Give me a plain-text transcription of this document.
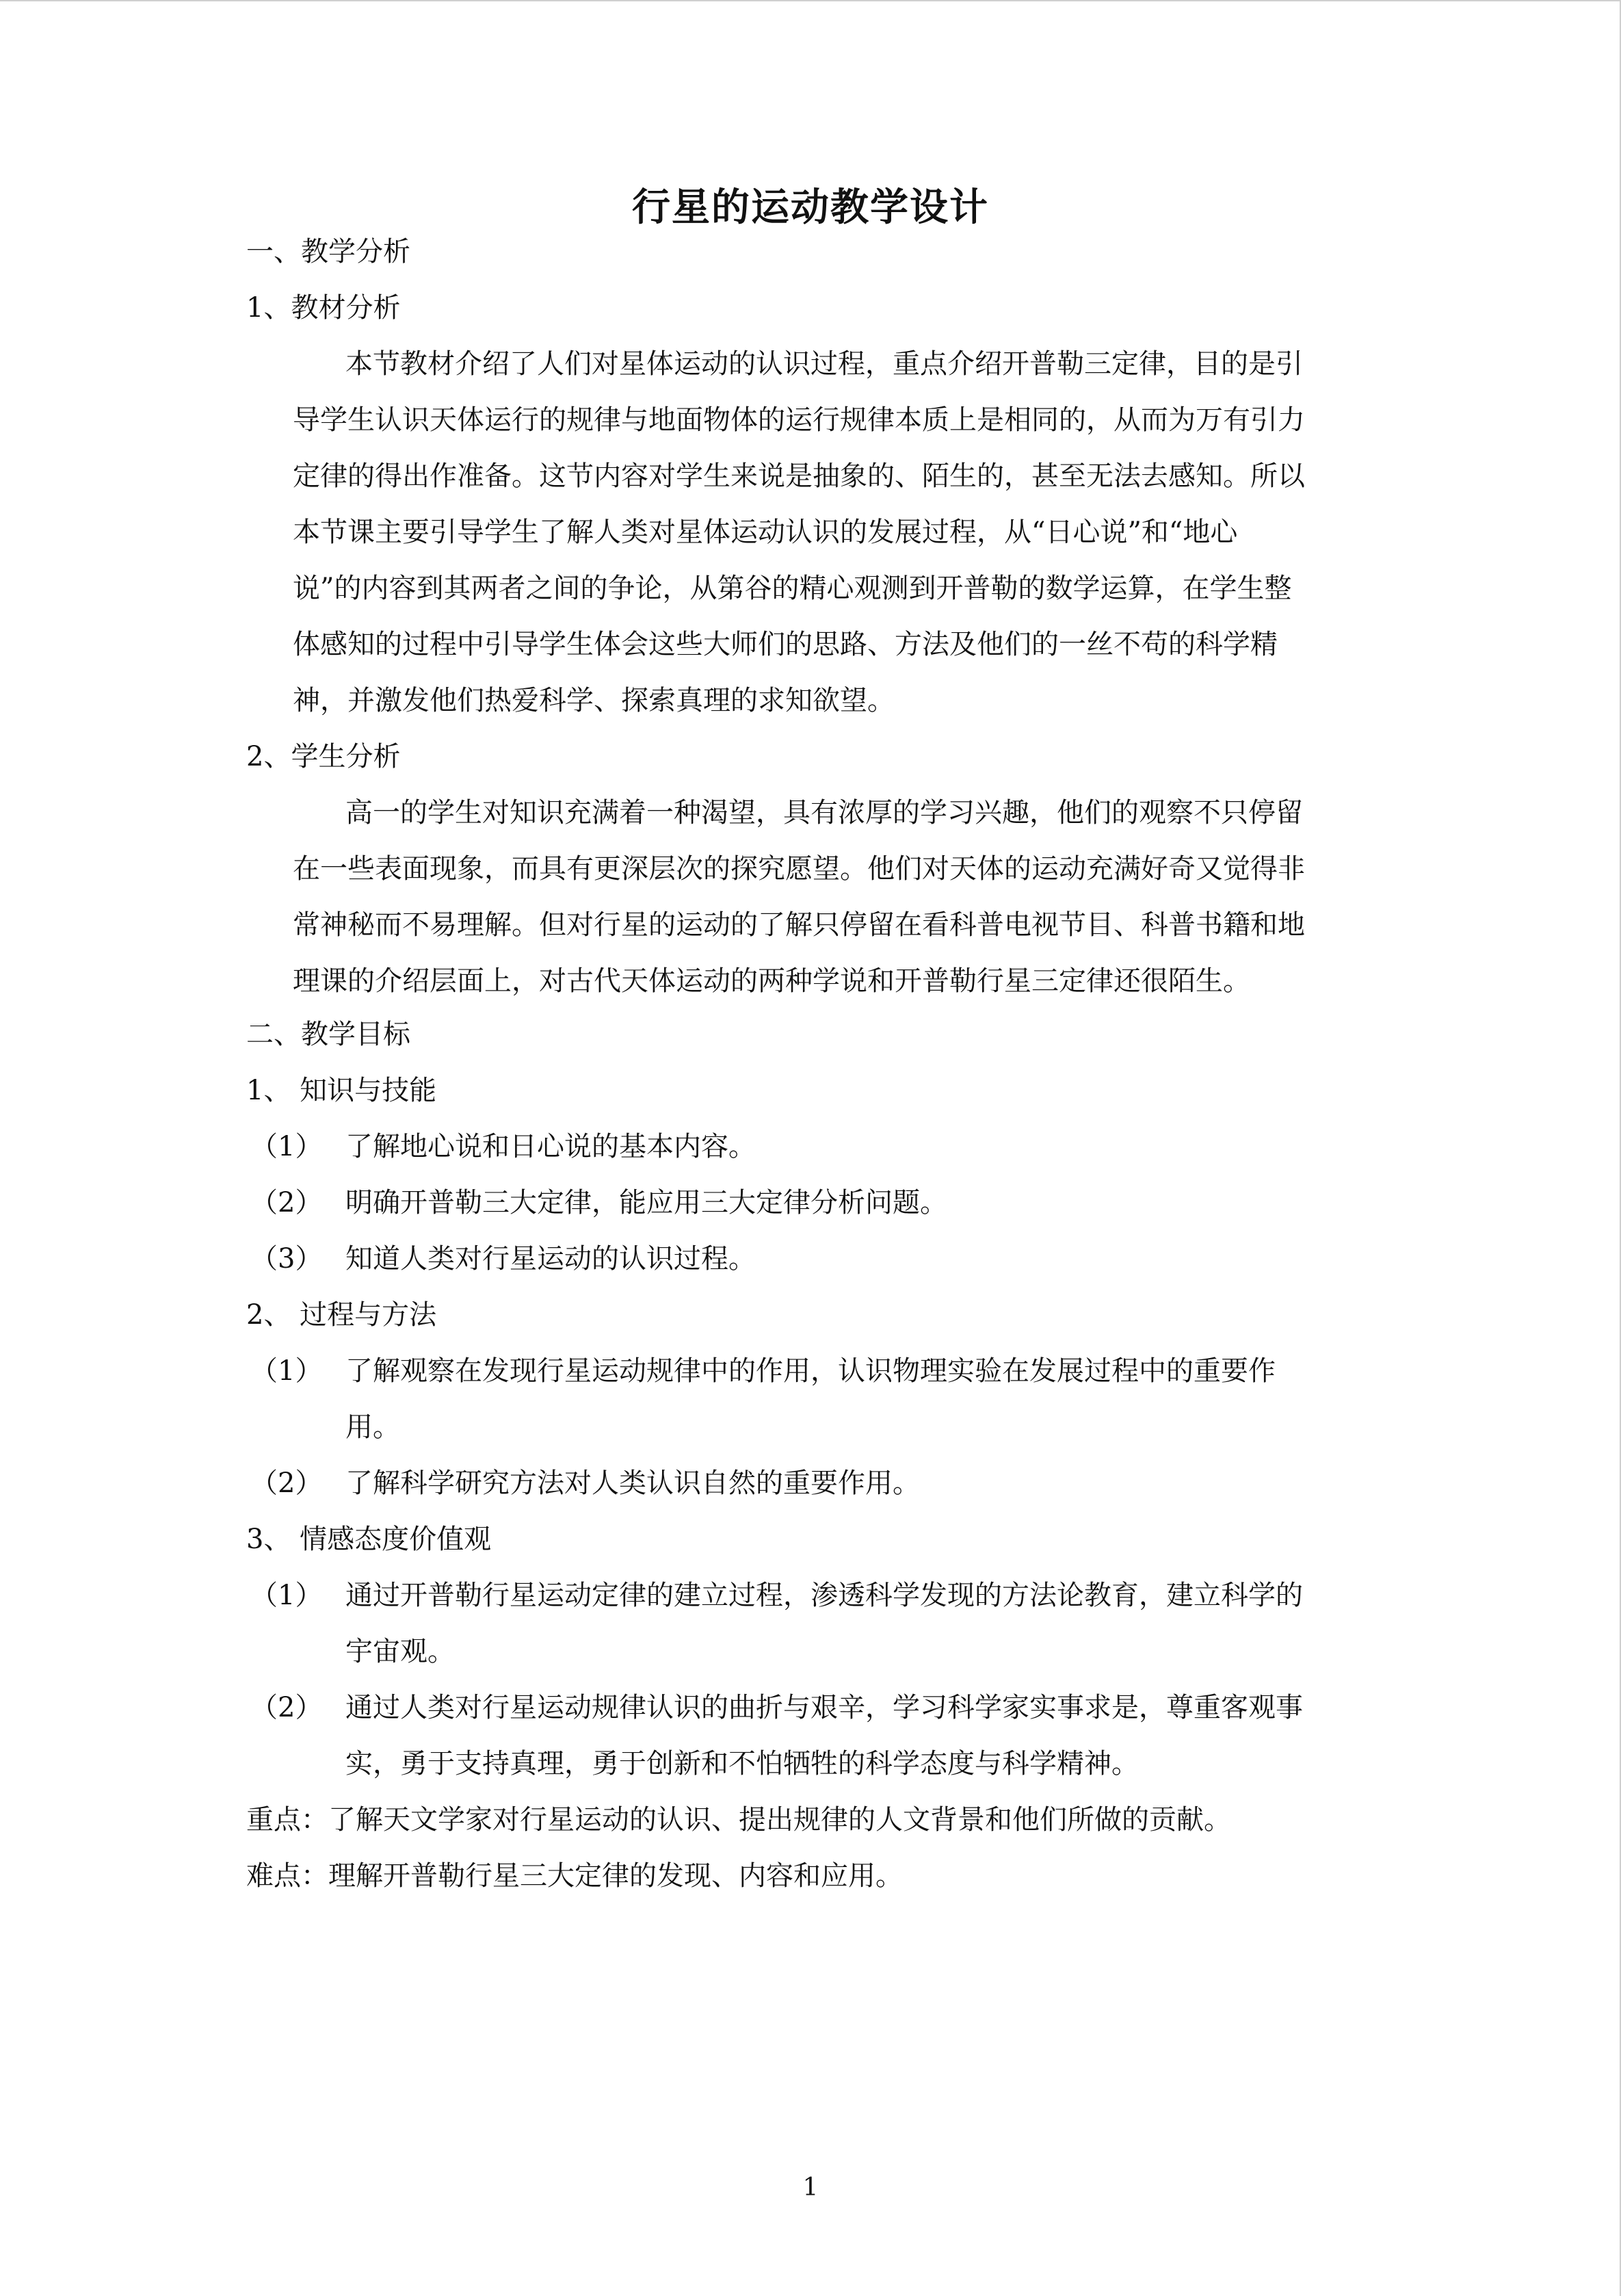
行星的运动教学设计
一、教学分析
1、教材分析
本节教材介绍了人们对星体运动的认识过程，重点介绍开普勒三定律，目的是引
导学生认识天体运行的规律与地面物体的运行规律本质上是相同的，从而为万有引力
定律的得出作准备。这节内容对学生来说是抽象的、陌生的，甚至无法去感知。所以
本节课主要引导学生了解人类对星体运动认识的发展过程，从“日心说”和“地心
说”的内容到其两者之间的争论，从第谷的精心观测到开普勒的数学运算，在学生整
体感知的过程中引导学生体会这些大师们的思路、方法及他们的一丝不苟的科学精
神，并激发他们热爱科学、探索真理的求知欲望。
2、学生分析
高一的学生对知识充满着一种渴望，具有浓厚的学习兴趣，他们的观察不只停留
在一些表面现象，而具有更深层次的探究愿望。他们对天体的运动充满好奇又觉得非
常神秘而不易理解。但对行星的运动的了解只停留在看科普电视节目、科普书籍和地
理课的介绍层面上，对古代天体运动的两种学说和开普勒行星三定律还很陌生。
二、教学目标
1、 知识与技能
（1） 了解地心说和日心说的基本内容。
（2） 明确开普勒三大定律，能应用三大定律分析问题。
（3） 知道人类对行星运动的认识过程。
2、 过程与方法
（1） 了解观察在发现行星运动规律中的作用，认识物理实验在发展过程中的重要作
用。
（2） 了解科学研究方法对人类认识自然的重要作用。
3、 情感态度价值观
（1） 通过开普勒行星运动定律的建立过程，渗透科学发现的方法论教育，建立科学的
宇宙观。
（2） 通过人类对行星运动规律认识的曲折与艰辛，学习科学家实事求是，尊重客观事
实，勇于支持真理，勇于创新和不怕牺牲的科学态度与科学精神。
重点：了解天文学家对行星运动的认识、提出规律的人文背景和他们所做的贡献。
难点：理解开普勒行星三大定律的发现、内容和应用。
1
